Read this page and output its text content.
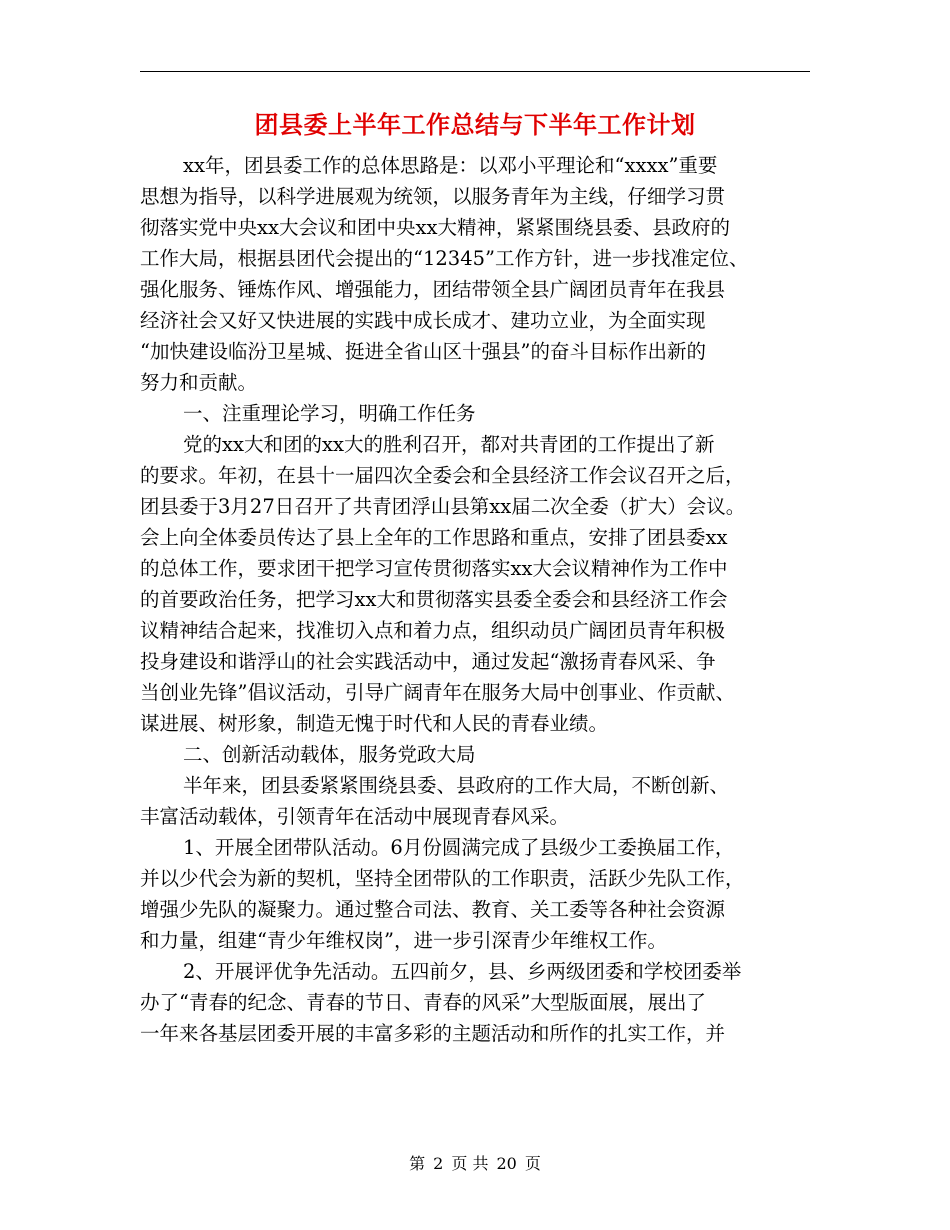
团县委上半年工作总结与下半年工作计划
xx年，团县委工作的总体思路是：以邓小平理论和“xxxx”重要
思想为指导，以科学进展观为统领，以服务青年为主线，仔细学习贯
彻落实党中央xx大会议和团中央xx大精神，紧紧围绕县委、县政府的
工作大局，根据县团代会提出的“12345”工作方针，进一步找准定位、
强化服务、锤炼作风、增强能力，团结带领全县广阔团员青年在我县
经济社会又好又快进展的实践中成长成才、建功立业，为全面实现
“加快建设临汾卫星城、挺进全省山区十强县”的奋斗目标作出新的
努力和贡献。
一、注重理论学习，明确工作任务
党的xx大和团的xx大的胜利召开，都对共青团的工作提出了新
的要求。年初，在县十一届四次全委会和全县经济工作会议召开之后，
团县委于3月27日召开了共青团浮山县第xx届二次全委（扩大）会议。
会上向全体委员传达了县上全年的工作思路和重点，安排了团县委xx
的总体工作，要求团干把学习宣传贯彻落实xx大会议精神作为工作中
的首要政治任务，把学习xx大和贯彻落实县委全委会和县经济工作会
议精神结合起来，找准切入点和着力点，组织动员广阔团员青年积极
投身建设和谐浮山的社会实践活动中，通过发起“激扬青春风采、争
当创业先锋”倡议活动，引导广阔青年在服务大局中创事业、作贡献、
谋进展、树形象，制造无愧于时代和人民的青春业绩。
二、创新活动载体，服务党政大局
半年来，团县委紧紧围绕县委、县政府的工作大局，不断创新、
丰富活动载体，引领青年在活动中展现青春风采。
1、开展全团带队活动。6月份圆满完成了县级少工委换届工作，
并以少代会为新的契机，坚持全团带队的工作职责，活跃少先队工作，
增强少先队的凝聚力。通过整合司法、教育、关工委等各种社会资源
和力量，组建“青少年维权岗”，进一步引深青少年维权工作。
2、开展评优争先活动。五四前夕，县、乡两级团委和学校团委举
办了“青春的纪念、青春的节日、青春的风采”大型版面展，展出了
一年来各基层团委开展的丰富多彩的主题活动和所作的扎实工作，并
第 2 页 共 20 页
